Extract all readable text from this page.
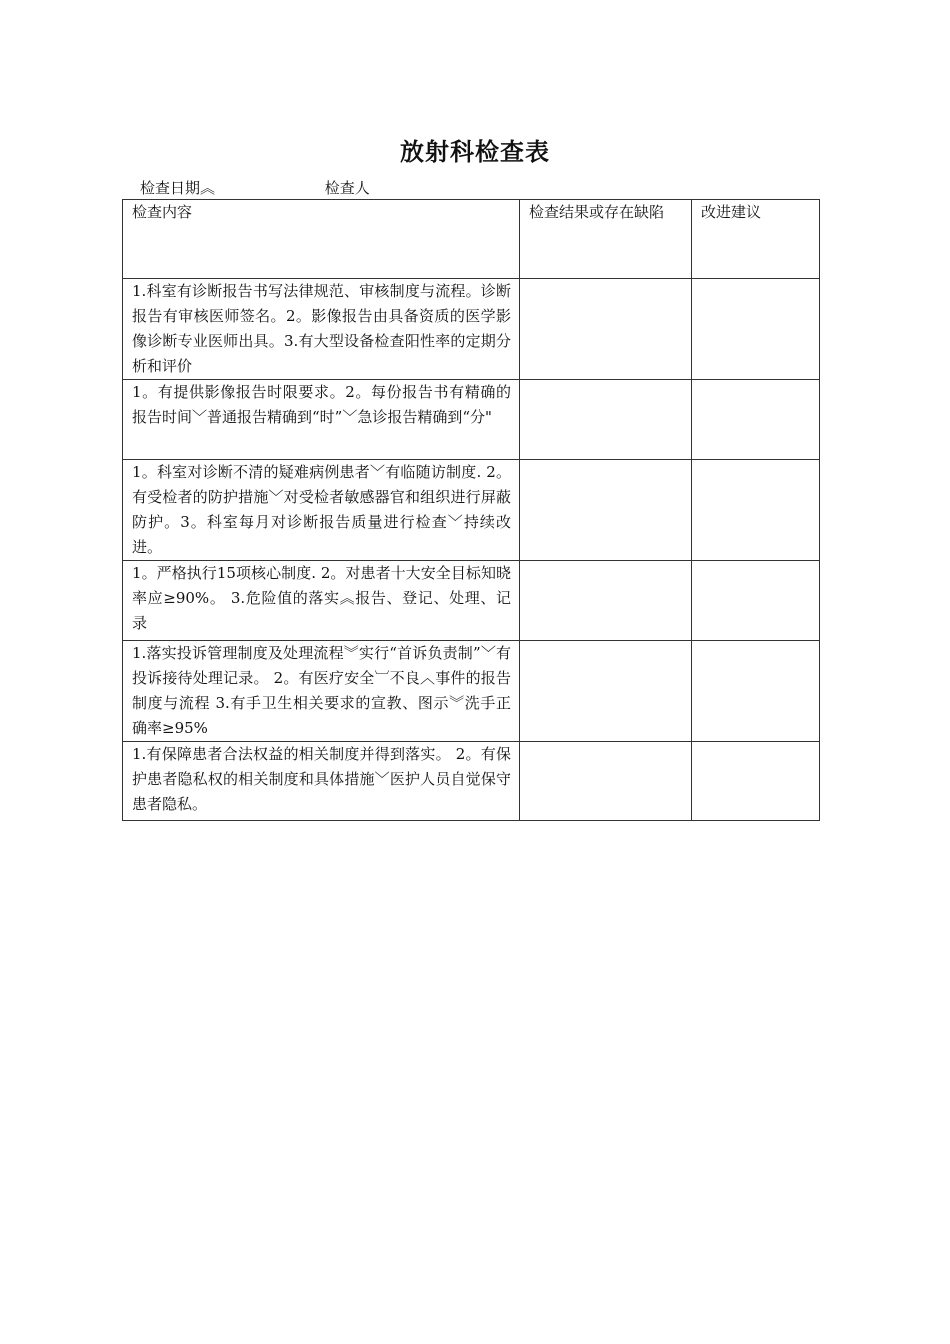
放射科检查表
检查日期︽	检查人
检查内容	检查结果或存在缺陷	改进建议
1.科室有诊断报告书写法律规范、审核制度与流程。诊断报告有审核医师签名。2。影像报告由具备资质的医学影像诊断专业医师出具。3.有大型设备检查阳性率的定期分析和评价		
1。有提供影像报告时限要求。2。每份报告书有精确的报告时间﹀普通报告精确到“时”﹀急诊报告精确到“分"		
1。科室对诊断不清的疑难病例患者﹀有临随访制度. 2。有受检者的防护措施﹀对受检者敏感器官和组织进行屏蔽防护。3。科室每月对诊断报告质量进行检查﹀持续改进。		
1。严格执行15项核心制度. 2。对患者十大安全目标知晓率应≥90%。 3.危险值的落实︽报告、登记、处理、记录		
1.落实投诉管理制度及处理流程︾实行“首诉负责制”﹀有投诉接待处理记录。 2。有医疗安全︺不良︿事件的报告制度与流程 3.有手卫生相关要求的宣教、图示︾洗手正确率≥95%		
1.有保障患者合法权益的相关制度并得到落实。 2。有保护患者隐私权的相关制度和具体措施﹀医护人员自觉保守患者隐私。		
